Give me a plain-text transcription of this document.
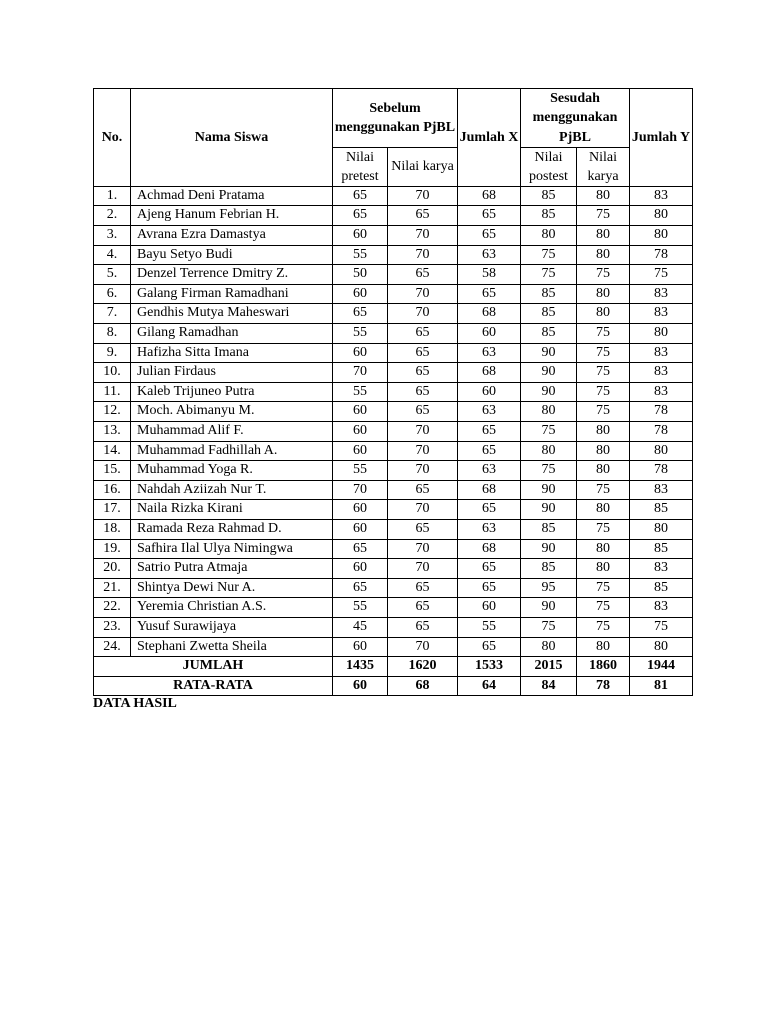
No.	Nama Siswa	Sebelum menggunakan PjBL		Jumlah X	Sesudah menggunakan PjBL		Jumlah Y
		Nilai pretest	Nilai karya		Nilai postest	Nilai karya	
1.	Achmad Deni Pratama	65	70	68	85	80	83
2.	Ajeng Hanum Febrian H.	65	65	65	85	75	80
3.	Avrana Ezra Damastya	60	70	65	80	80	80
4.	Bayu Setyo Budi	55	70	63	75	80	78
5.	Denzel Terrence Dmitry Z.	50	65	58	75	75	75
6.	Galang Firman Ramadhani	60	70	65	85	80	83
7.	Gendhis Mutya Maheswari	65	70	68	85	80	83
8.	Gilang Ramadhan	55	65	60	85	75	80
9.	Hafizha Sitta Imana	60	65	63	90	75	83
10.	Julian Firdaus	70	65	68	90	75	83
11.	Kaleb Trijuneo Putra	55	65	60	90	75	83
12.	Moch. Abimanyu M.	60	65	63	80	75	78
13.	Muhammad Alif F.	60	70	65	75	80	78
14.	Muhammad Fadhillah A.	60	70	65	80	80	80
15.	Muhammad Yoga R.	55	70	63	75	80	78
16.	Nahdah Aziizah Nur T.	70	65	68	90	75	83
17.	Naila Rizka Kirani	60	70	65	90	80	85
18.	Ramada Reza Rahmad D.	60	65	63	85	75	80
19.	Safhira Ilal Ulya Nimingwa	65	70	68	90	80	85
20.	Satrio Putra Atmaja	60	70	65	85	80	83
21.	Shintya Dewi Nur A.	65	65	65	95	75	85
22.	Yeremia Christian A.S.	55	65	60	90	75	83
23.	Yusuf Surawijaya	45	65	55	75	75	75
24.	Stephani Zwetta Sheila	60	70	65	80	80	80
JUMLAH		1435	1620	1533	2015	1860	1944
RATA-RATA		60	68	64	84	78	81
DATA HASIL
